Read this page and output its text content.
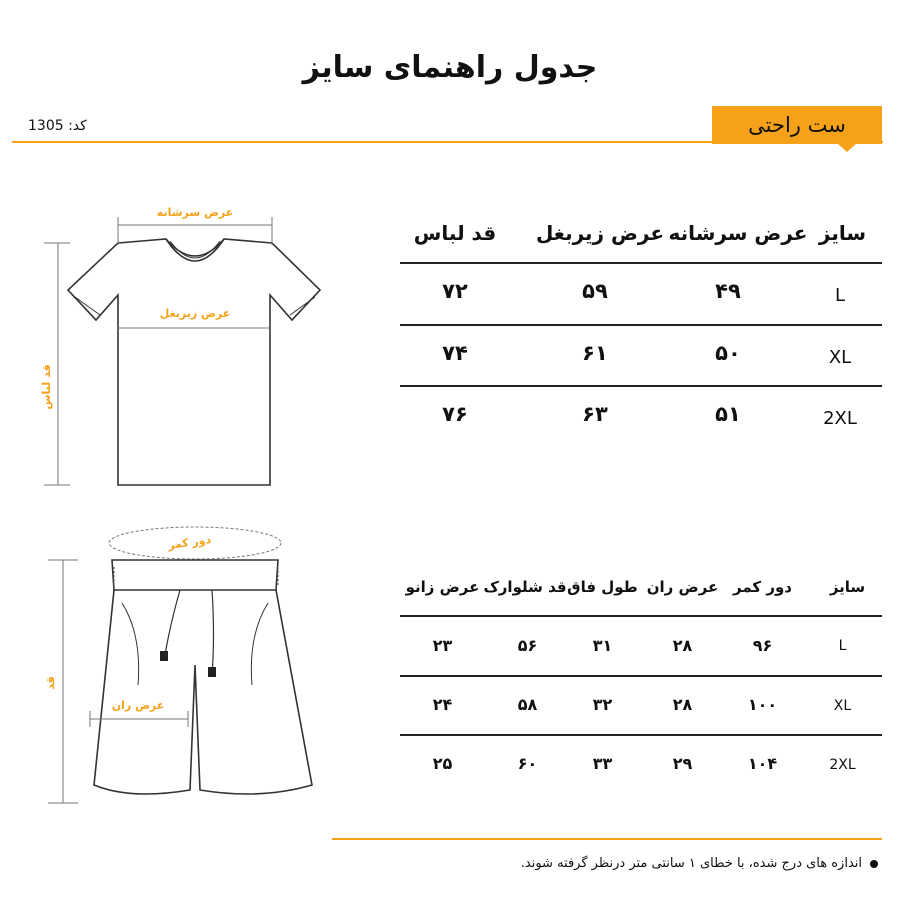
جدول راهنمای سایز
کد: 1305	ست راحتی
عرض سرشانه
عرض زیربغل
قد لباس
سایز
عرض سرشانه
عرض زیربغل
قد لباس
L
۴۹
۵۹
۷۲
XL
۵۰
۶۱
۷۴
2XL
۵۱
۶۳
۷۶
دور کمر
عرض ران
قد
سایز
دور کمر
عرض ران
طول فاق
قد شلوارک
عرض زانو
L
۹۶
۲۸
۳۱
۵۶
۲۳
XL
۱۰۰
۲۸
۳۲
۵۸
۲۴
2XL
۱۰۴
۲۹
۳۳
۶۰
۲۵
اندازه های درج شده، با خطای ۱ سانتی متر درنظر گرفته شوند.
